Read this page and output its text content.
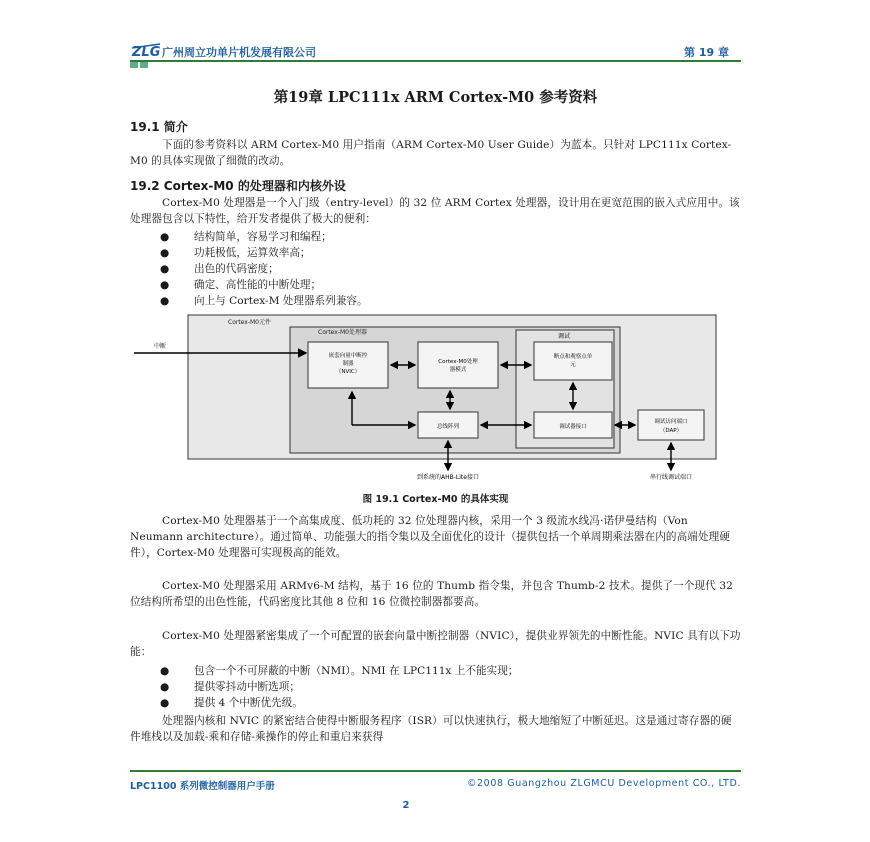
ZLG 广州周立功单片机发展有限公司	第 19 章
第19章 LPC111x ARM Cortex-M0 参考资料
19.1 简介
下面的参考资料以 ARM Cortex-M0 用户指南（ARM Cortex-M0 User Guide）为蓝本。只针对 LPC111x Cortex-M0 的具体实现做了细微的改动。
19.2 Cortex-M0 的处理器和内核外设
Cortex-M0 处理器是一个入门级（entry-level）的 32 位 ARM Cortex 处理器，设计用在更宽范围的嵌入式应用中。该处理器包含以下特性，给开发者提供了极大的便利：
● 结构简单，容易学习和编程；
● 功耗极低，运算效率高；
● 出色的代码密度；
● 确定、高性能的中断处理；
● 向上与 Cortex-M 处理器系列兼容。
Cortex-M0元件
Cortex-M0处理器
嵌套向量中断控
制器
（NVIC）
Cortex-M0处理
器模式
调试
断点和观察点单
元
调试器接口
总线阵列
调试访问端口
（DAP）
中断
到系统的AHB-Lite接口	串行线调试端口
图 19.1 Cortex-M0 的具体实现
Cortex-M0 处理器基于一个高集成度、低功耗的 32 位处理器内核，采用一个 3 级流水线冯·诺伊曼结构（Von Neumann architecture）。通过简单、功能强大的指令集以及全面优化的设计（提供包括一个单周期乘法器在内的高端处理硬件），Cortex-M0 处理器可实现极高的能效。
Cortex-M0 处理器采用 ARMv6-M 结构，基于 16 位的 Thumb 指令集，并包含 Thumb-2 技术。提供了一个现代 32 位结构所希望的出色性能，代码密度比其他 8 位和 16 位微控制器都要高。
Cortex-M0 处理器紧密集成了一个可配置的嵌套向量中断控制器（NVIC），提供业界领先的中断性能。NVIC 具有以下功能：
● 包含一个不可屏蔽的中断（NMI）。NMI 在 LPC111x 上不能实现；
● 提供零抖动中断选项；
● 提供 4 个中断优先级。
处理器内核和 NVIC 的紧密结合使得中断服务程序（ISR）可以快速执行，极大地缩短了中断延迟。这是通过寄存器的硬件堆栈以及加载-乘和存储-乘操作的停止和重启来获得
LPC1100 系列微控制器用户手册	©2008 Guangzhou ZLGMCU Development CO., LTD.
2
